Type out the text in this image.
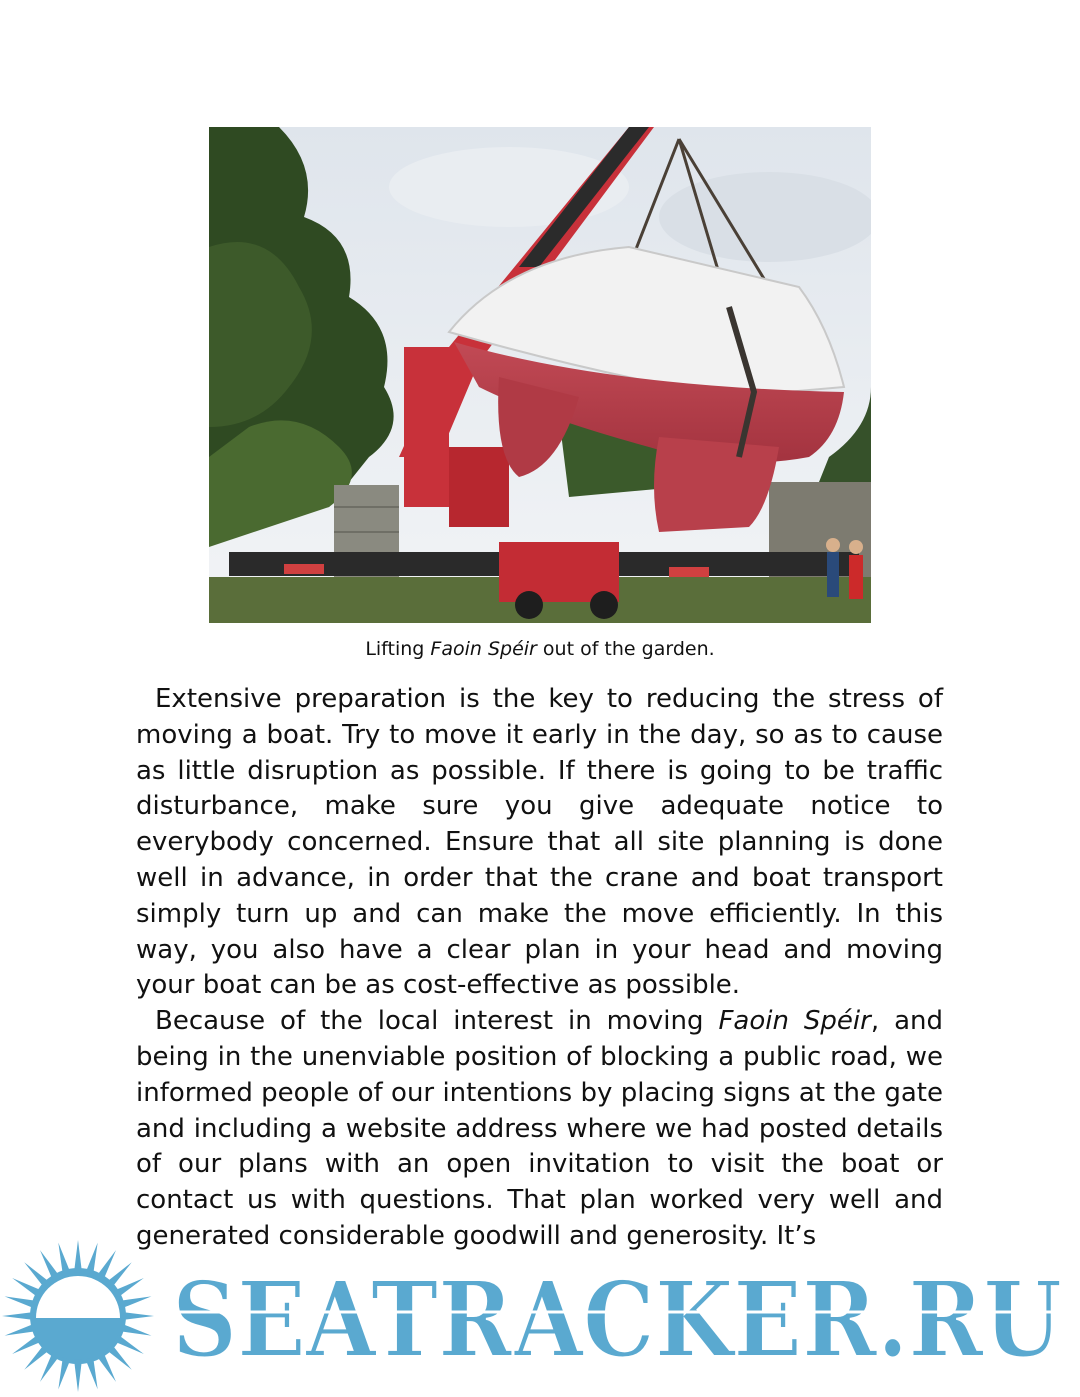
Lifting Faoin Spéir out of the garden.

Extensive preparation is the key to reducing the stress of moving a boat. Try to move it early in the day, so as to cause as little disruption as possible. If there is going to be traffic disturbance, make sure you give adequate notice to everybody concerned. Ensure that all site planning is done well in advance, in order that the crane and boat transport simply turn up and can make the move efficiently. In this way, you also have a clear plan in your head and moving your boat can be as cost-effective as possible.

Because of the local interest in moving Faoin Spéir, and being in the unenviable position of blocking a public road, we informed people of our intentions by placing signs at the gate and including a website address where we had posted details of our plans with an open invitation to visit the boat or contact us with questions. That plan worked very well and generated considerable goodwill and generosity. It’s

SEATRACKER.RU
